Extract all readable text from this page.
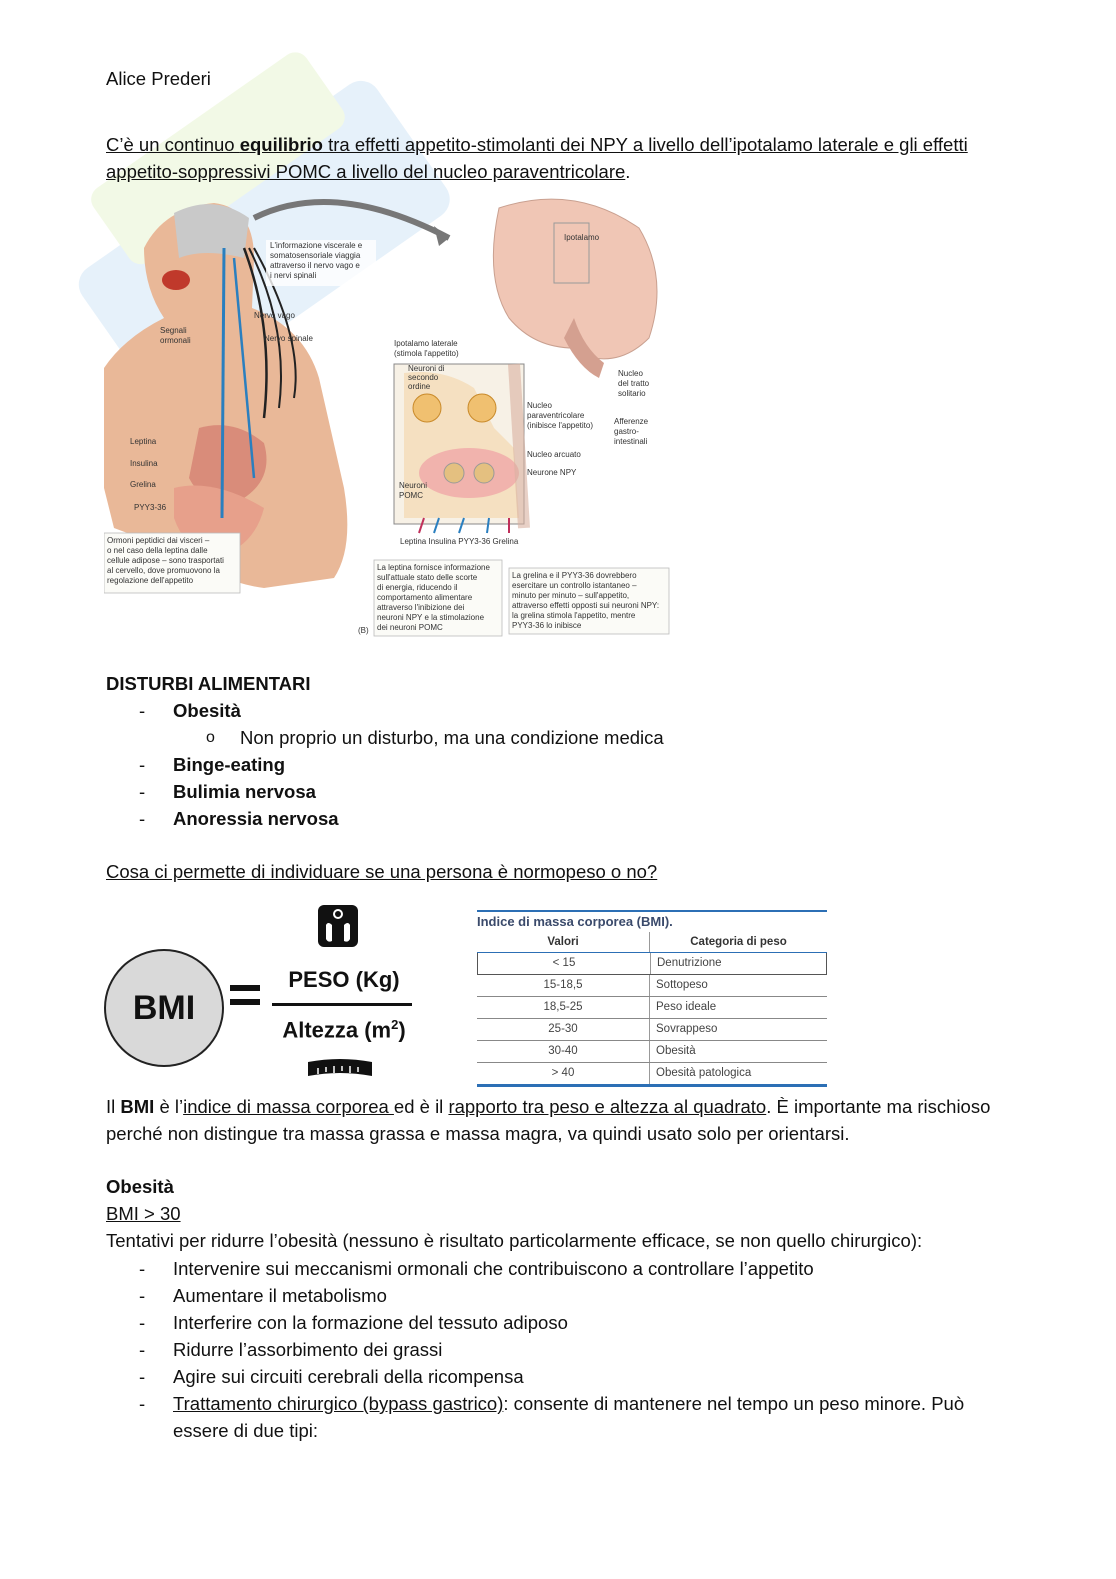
Alice Prederi
C’è un continuo equilibrio tra effetti appetito-stimolanti dei NPY a livello dell’ipotalamo laterale e gli effetti
appetito-soppressivi POMC a livello del nucleo paraventricolare.
L'informazione viscerale e somatosensoriale viaggia attraverso il nervo vago e i nervi spinali
Nervo vago
Nervo spinale
Segnali ormonali
Leptina
Insulina
Grelina
PYY3-36
Ormoni peptidici dai visceri – o nel caso della leptina dalle cellule adipose – sono trasportati al cervello, dove promuovono la regolazione dell'appetito
Ipotalamo
Ipotalamo laterale (stimola l'appetito)
Neuroni di secondo ordine
Nucleo paraventricolare (inibisce l'appetito)
Nucleo del tratto solitario
Afferenze gastro-intestinali
Nucleo arcuato
Neurone NPY
Neuroni POMC
Leptina Insulina PYY3-36 Grelina
La leptina fornisce informazione sull'attuale stato delle scorte di energia, riducendo il comportamento alimentare attraverso l'inibizione dei neuroni NPY e la stimolazione dei neuroni POMC
La grelina e il PYY3-36 dovrebbero esercitare un controllo istantaneo – minuto per minuto – sull'appetito, attraverso effetti opposti sui neuroni NPY: la grelina stimola l'appetito, mentre PYY3-36 lo inibisce
(B)
DISTURBI ALIMENTARI
- Obesità
o Non proprio un disturbo, ma una condizione medica
- Binge-eating
- Bulimia nervosa
- Anoressia nervosa
Cosa ci permette di individuare se una persona è normopeso o no?
BMI
PESO (Kg)
Altezza $(m^2)$
Indice di massa corporea (BMI).
Valori	Categoria di peso
< 15	Denutrizione
15-18,5	Sottopeso
18,5-25	Peso ideale
25-30	Sovrappeso
30-40	Obesità
> 40	Obesità patologica
Il BMI è l’indice di massa corporea ed è il rapporto tra peso e altezza al quadrato. È importante ma rischioso
perché non distingue tra massa grassa e massa magra, va quindi usato solo per orientarsi.
Obesità
BMI > 30
Tentativi per ridurre l’obesità (nessuno è risultato particolarmente efficace, se non quello chirurgico):
- Intervenire sui meccanismi ormonali che contribuiscono a controllare l’appetito
- Aumentare il metabolismo
- Interferire con la formazione del tessuto adiposo
- Ridurre l’assorbimento dei grassi
- Agire sui circuiti cerebrali della ricompensa
- Trattamento chirurgico (bypass gastrico): consente di mantenere nel tempo un peso minore. Può
essere di due tipi:
